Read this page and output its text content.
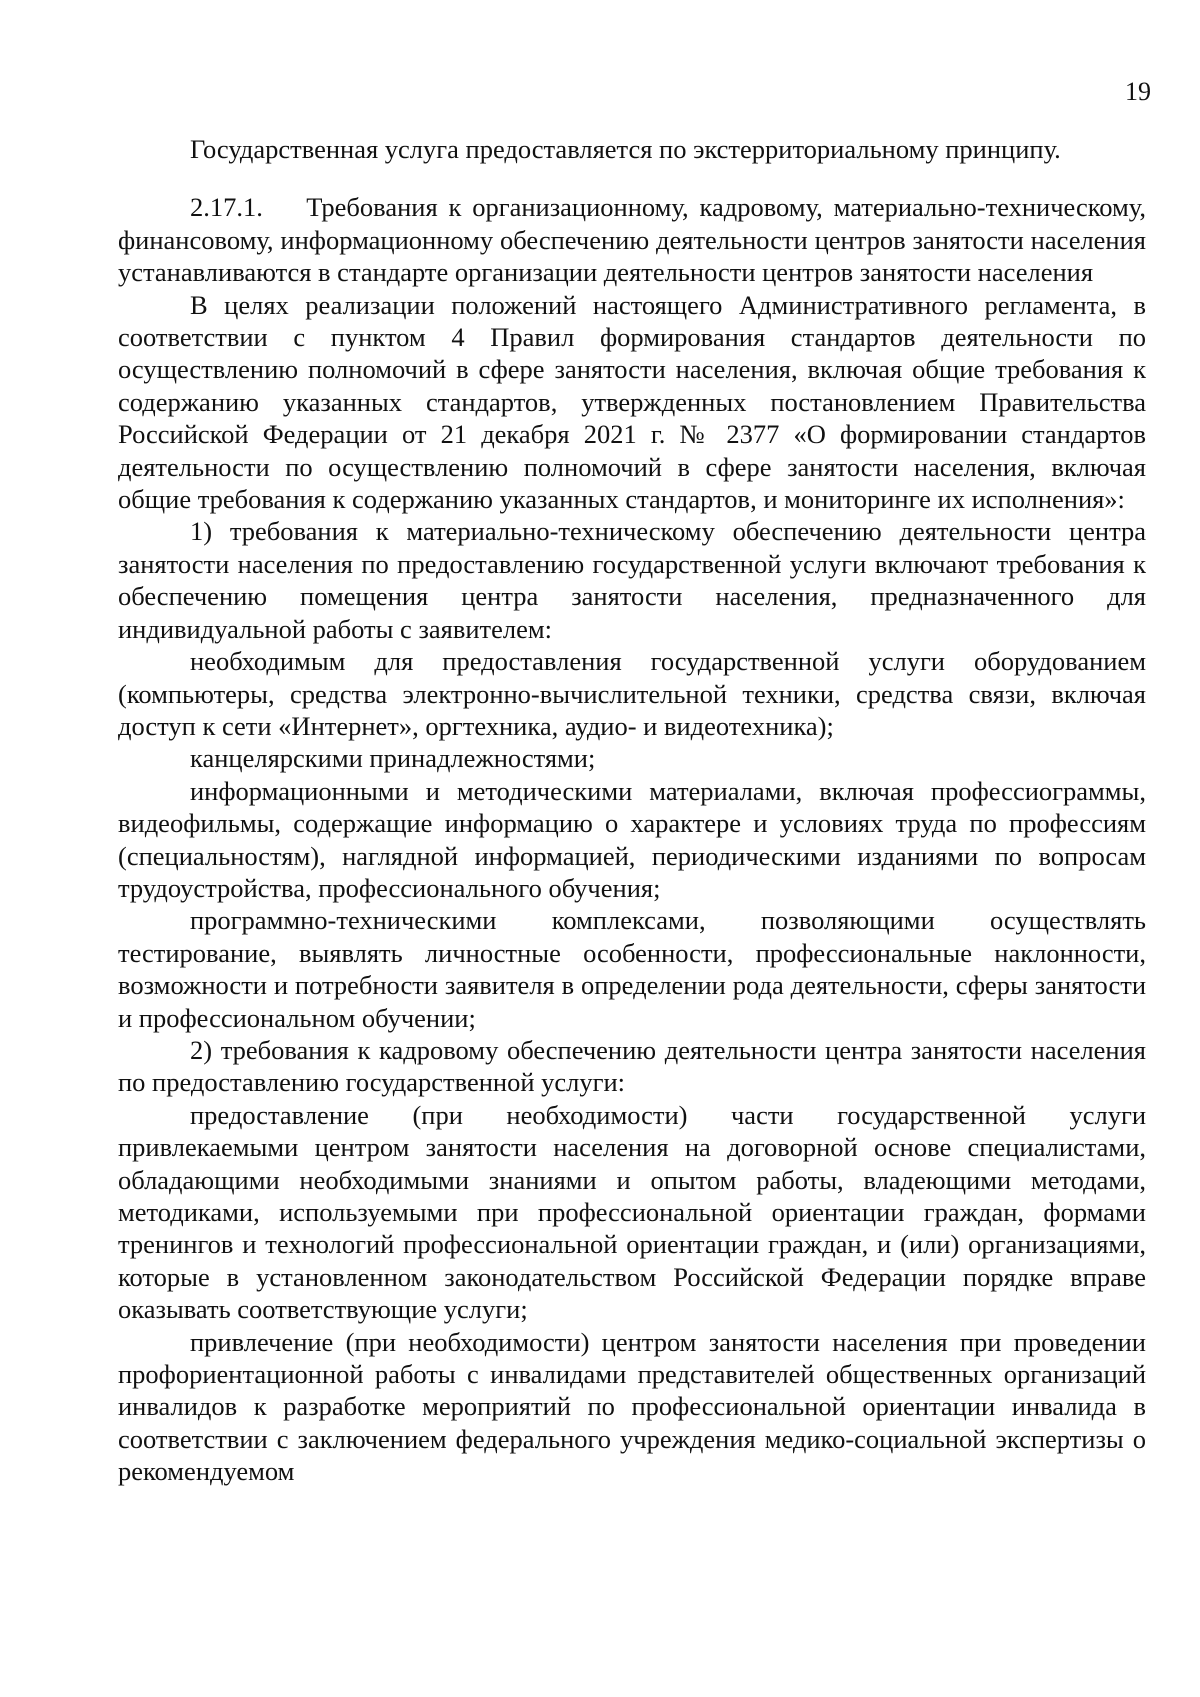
19

Государственная услуга предоставляется по экстерриториальному принципу.

2.17.1.    Требования к организационному, кадровому, материально-техническому, финансовому, информационному обеспечению деятельности центров занятости населения устанавливаются в стандарте организации деятельности центров занятости населения

В целях реализации положений настоящего Административного регламента, в соответствии с пунктом 4 Правил формирования стандартов деятельности по осуществлению полномочий в сфере занятости населения, включая общие требования к содержанию указанных стандартов, утвержденных постановлением Правительства Российской Федерации от 21 декабря 2021 г. № 2377 «О формировании стандартов деятельности по осуществлению полномочий в сфере занятости населения, включая общие требования к содержанию указанных стандартов, и мониторинге их исполнения»:

1) требования к материально-техническому обеспечению деятельности центра занятости населения по предоставлению государственной услуги включают требования к обеспечению помещения центра занятости населения, предназначенного для индивидуальной работы с заявителем:

необходимым для предоставления государственной услуги оборудованием (компьютеры, средства электронно-вычислительной техники, средства связи, включая доступ к сети «Интернет», оргтехника, аудио- и видеотехника);

канцелярскими принадлежностями;

информационными и методическими материалами, включая профессиограммы, видеофильмы, содержащие информацию о характере и условиях труда по профессиям (специальностям), наглядной информацией, периодическими изданиями по вопросам трудоустройства, профессионального обучения;

программно-техническими комплексами, позволяющими осуществлять тестирование, выявлять личностные особенности, профессиональные наклонности, возможности и потребности заявителя в определении рода деятельности, сферы занятости и профессиональном обучении;

2) требования к кадровому обеспечению деятельности центра занятости населения по предоставлению государственной услуги:

предоставление (при необходимости) части государственной услуги привлекаемыми центром занятости населения на договорной основе специалистами, обладающими необходимыми знаниями и опытом работы, владеющими методами, методиками, используемыми при профессиональной ориентации граждан, формами тренингов и технологий профессиональной ориентации граждан, и (или) организациями, которые в установленном законодательством Российской Федерации порядке вправе оказывать соответствующие услуги;

привлечение (при необходимости) центром занятости населения при проведении профориентационной работы с инвалидами представителей общественных организаций инвалидов к разработке мероприятий по профессиональной ориентации инвалида в соответствии с заключением федерального учреждения медико-социальной экспертизы о рекомендуемом
